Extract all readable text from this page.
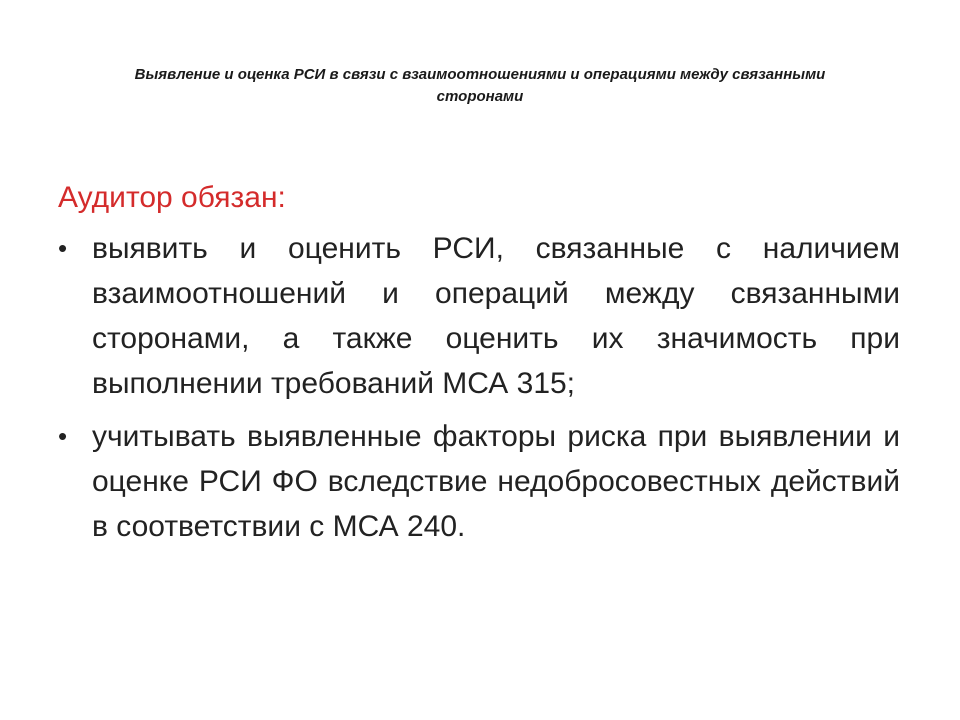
Выявление и оценка РСИ в связи с взаимоотношениями и операциями между связанными сторонами
Аудитор обязан:
• выявить и оценить РСИ, связанные с наличием взаимоотношений и операций между связанными сторонами, а также оценить их значимость при выполнении требований МСА 315;
• учитывать выявленные факторы риска при выявлении и оценке РСИ ФО вследствие недобросовестных действий в соответствии с МСА 240.
